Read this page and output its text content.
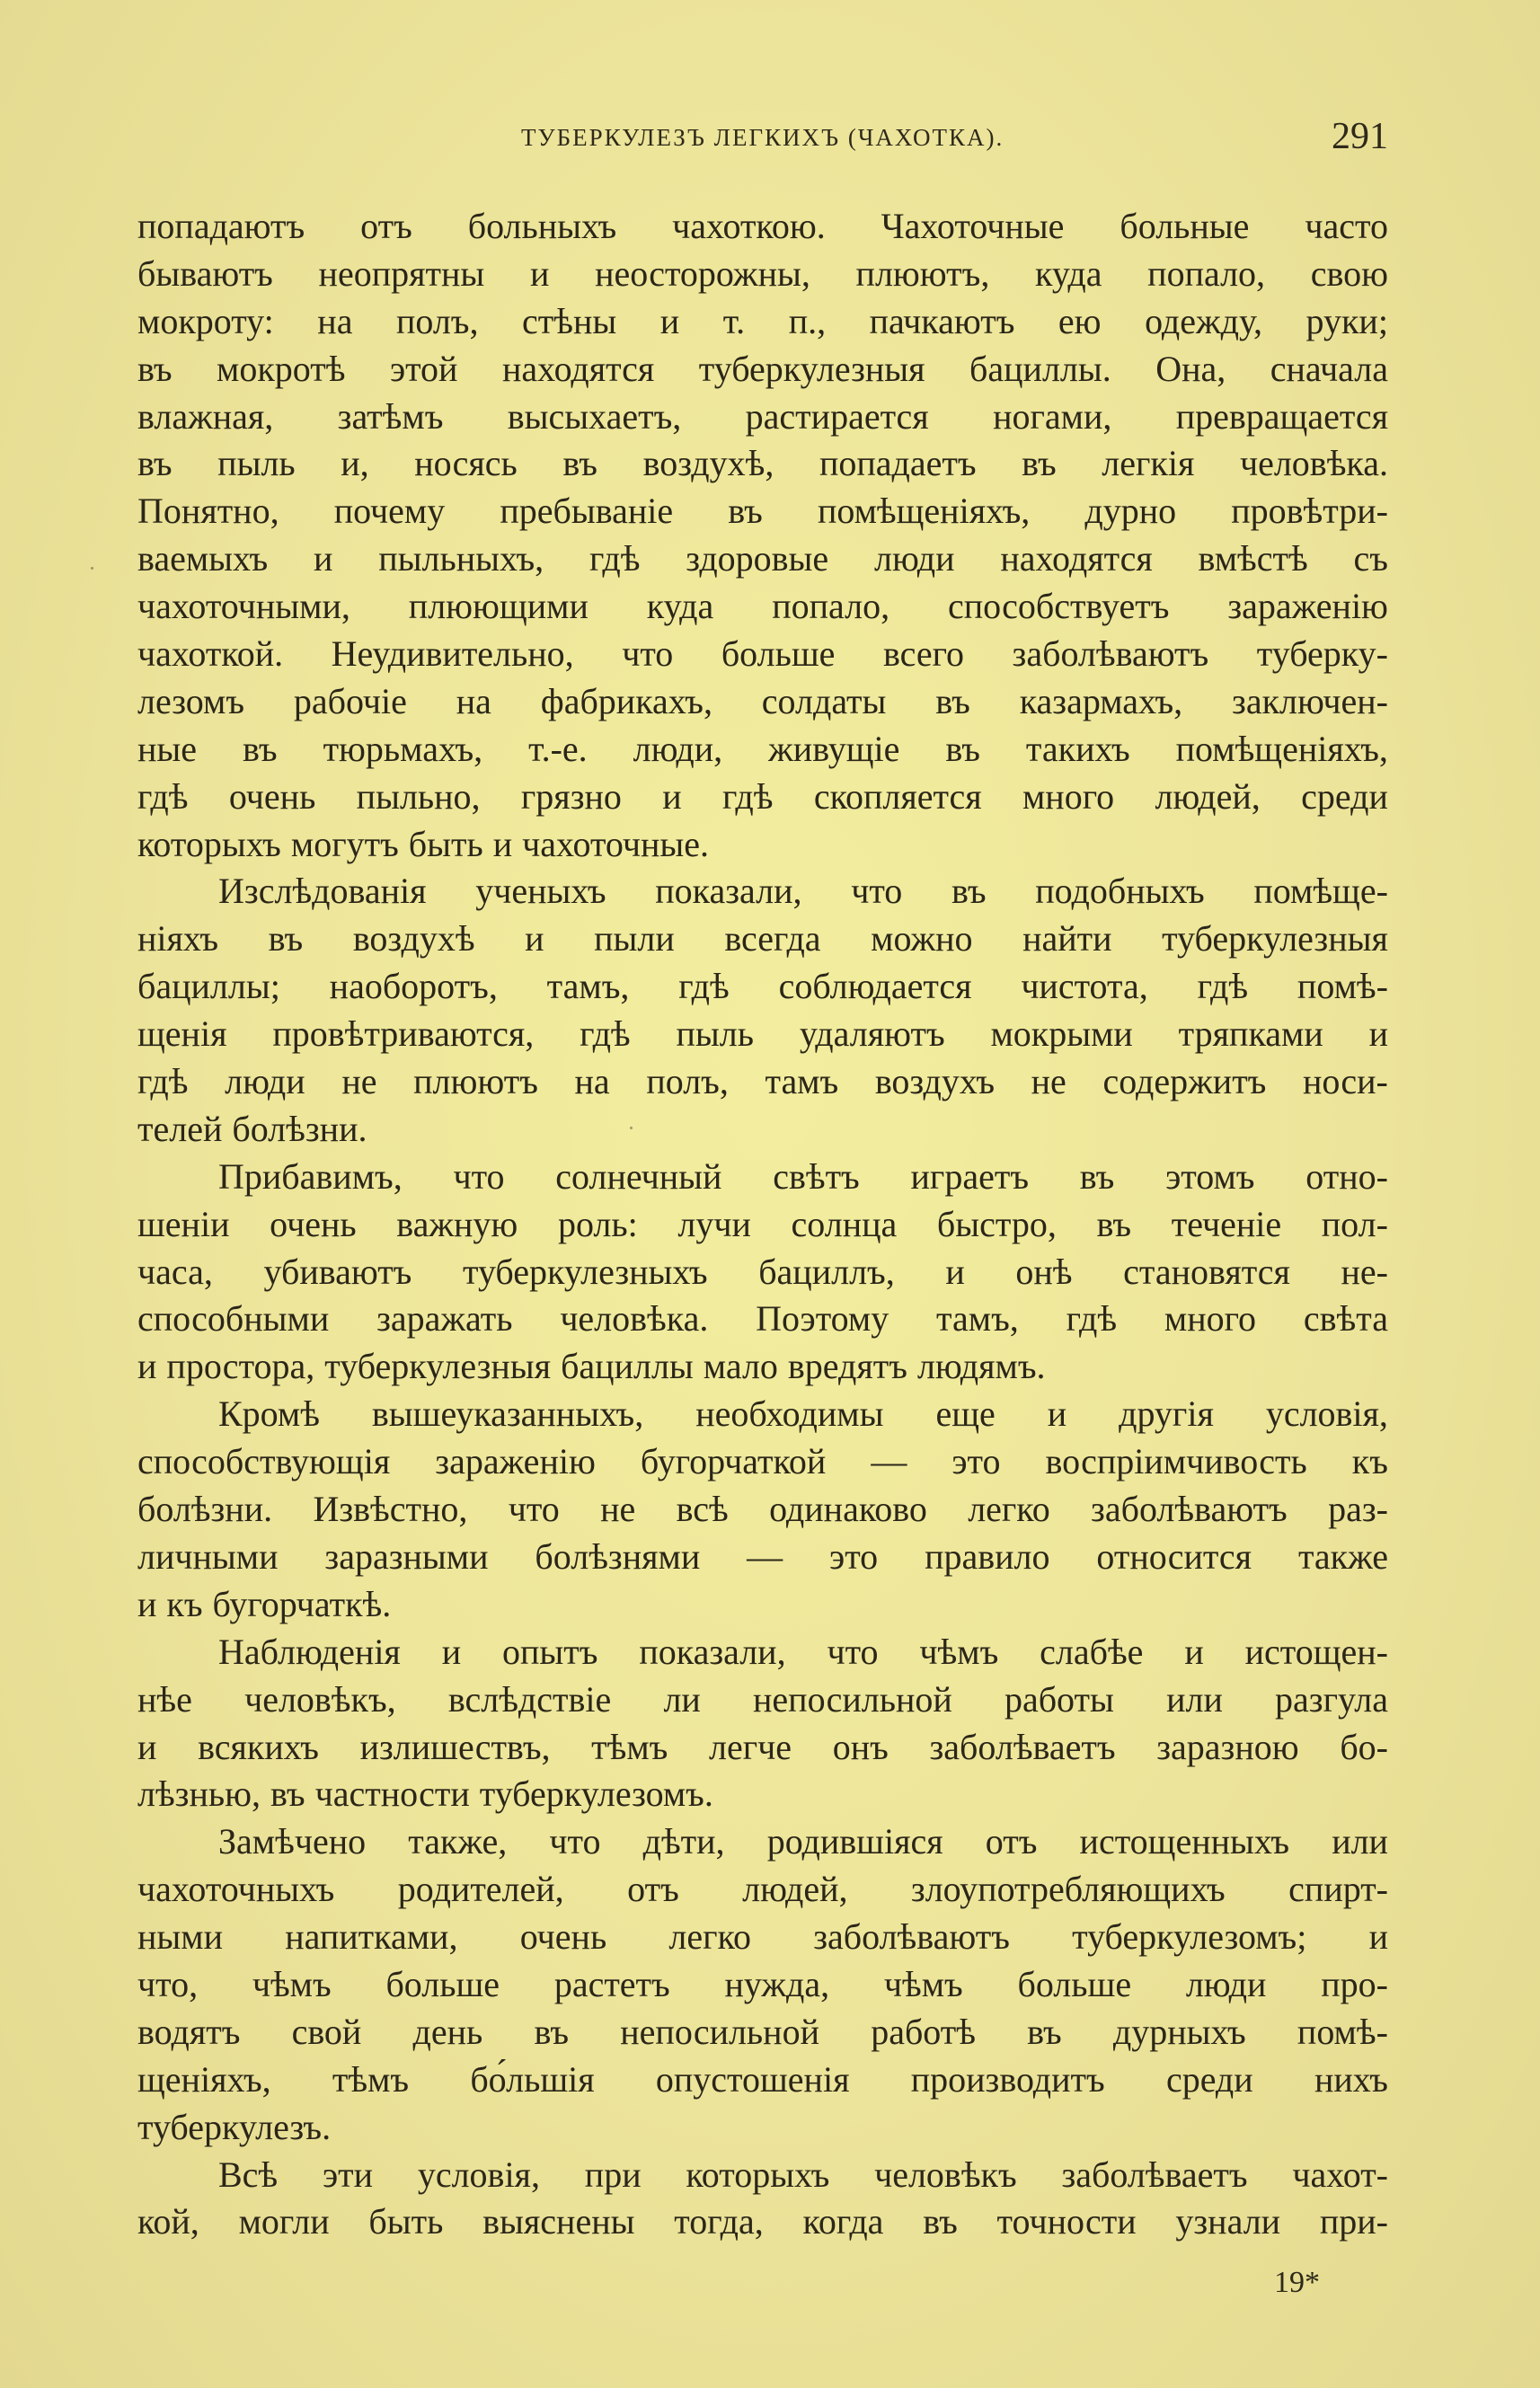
ТУБЕРКУЛЕЗЪ ЛЕГКИХЪ (ЧАХОТКА).	291
попадаютъ отъ больныхъ чахоткою. Чахоточные больные часто
бываютъ неопрятны и неосторожны, плюютъ, куда попало, свою
мокроту: на полъ, стѣны и т. п., пачкаютъ ею одежду, руки;
въ мокротѣ этой находятся туберкулезныя бациллы. Она, сначала
влажная, затѣмъ высыхаетъ, растирается ногами, превращается
въ пыль и, носясь въ воздухѣ, попадаетъ въ легкія человѣка.
Понятно, почему пребываніе въ помѣщеніяхъ, дурно провѣтри-
ваемыхъ и пыльныхъ, гдѣ здоровые люди находятся вмѣстѣ съ
чахоточными, плюющими куда попало, способствуетъ зараженію
чахоткой. Неудивительно, что больше всего заболѣваютъ туберку-
лезомъ рабочіе на фабрикахъ, солдаты въ казармахъ, заключен-
ные въ тюрьмахъ, т.-е. люди, живущіе въ такихъ помѣщеніяхъ,
гдѣ очень пыльно, грязно и гдѣ скопляется много людей, среди
которыхъ могутъ быть и чахоточные.
Изслѣдованія ученыхъ показали, что въ подобныхъ помѣще-
ніяхъ въ воздухѣ и пыли всегда можно найти туберкулезныя
бациллы; наоборотъ, тамъ, гдѣ соблюдается чистота, гдѣ помѣ-
щенія провѣтриваются, гдѣ пыль удаляютъ мокрыми тряпками и
гдѣ люди не плюютъ на полъ, тамъ воздухъ не содержитъ носи-
телей болѣзни.
Прибавимъ, что солнечный свѣтъ играетъ въ этомъ отно-
шеніи очень важную роль: лучи солнца быстро, въ теченіе пол-
часа, убиваютъ туберкулезныхъ бациллъ, и онѣ становятся не-
способными заражать человѣка. Поэтому тамъ, гдѣ много свѣта
и простора, туберкулезныя бациллы мало вредятъ людямъ.
Кромѣ вышеуказанныхъ, необходимы еще и другія условія,
способствующія зараженію бугорчаткой — это воспріимчивость къ
болѣзни. Извѣстно, что не всѣ одинаково легко заболѣваютъ раз-
личными заразными болѣзнями — это правило относится также
и къ бугорчаткѣ.
Наблюденія и опытъ показали, что чѣмъ слабѣе и истощен-
нѣе человѣкъ, вслѣдствіе ли непосильной работы или разгула
и всякихъ излишествъ, тѣмъ легче онъ заболѣваетъ заразною бо-
лѣзнью, въ частности туберкулезомъ.
Замѣчено также, что дѣти, родившіяся отъ истощенныхъ или
чахоточныхъ родителей, отъ людей, злоупотребляющихъ спирт-
ными напитками, очень легко заболѣваютъ туберкулезомъ; и
что, чѣмъ больше растетъ нужда, чѣмъ больше люди про-
водятъ свой день въ непосильной работѣ въ дурныхъ помѣ-
щеніяхъ, тѣмъ бо́льшія опустошенія производитъ среди нихъ
туберкулезъ.
Всѣ эти условія, при которыхъ человѣкъ заболѣваетъ чахот-
кой, могли быть выяснены тогда, когда въ точности узнали при-
19*
